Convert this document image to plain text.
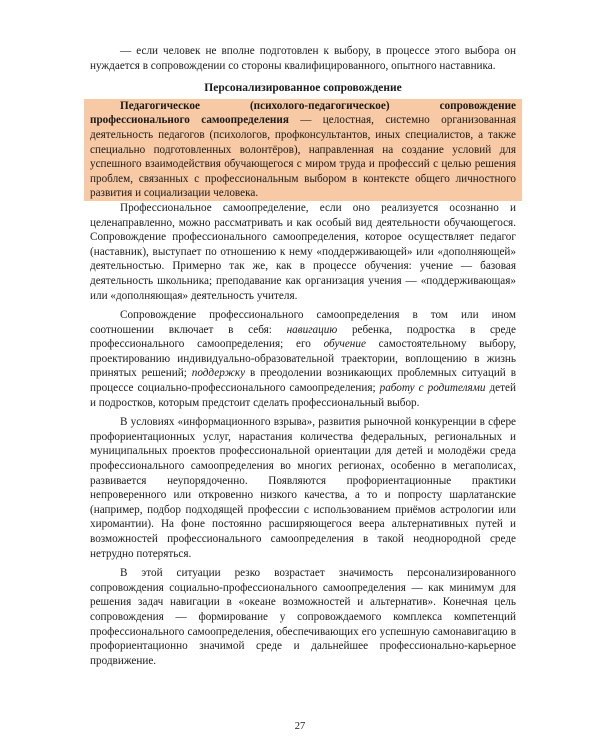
— если человек не вполне подготовлен к выбору, в процессе этого выбора он нуждается в сопровождении со стороны квалифицированного, опытного наставника.

Персонализированное сопровождение

Педагогическое (психолого-педагогическое) сопровождение профессионального самоопределения — целостная, системно организованная деятельность педагогов (психологов, профконсультантов, иных специалистов, а также специально подготовленных волонтёров), направленная на создание условий для успешного взаимодействия обучающегося с миром труда и профессий с целью решения проблем, связанных с профессиональным выбором в контексте общего личностного развития и социализации человека.

Профессиональное самоопределение, если оно реализуется осознанно и целенаправленно, можно рассматривать и как особый вид деятельности обучающегося. Сопровождение профессионального самоопределения, которое осуществляет педагог (наставник), выступает по отношению к нему «поддерживающей» или «дополняющей» деятельностью. Примерно так же, как в процессе обучения: учение — базовая деятельность школьника; преподавание как организация учения — «поддерживающая» или «дополняющая» деятельность учителя.

Сопровождение профессионального самоопределения в том или ином соотношении включает в себя: навигацию ребенка, подростка в среде профессионального самоопределения; его обучение самостоятельному выбору, проектированию индивидуально-образовательной траектории, воплощению в жизнь принятых решений; поддержку в преодолении возникающих проблемных ситуаций в процессе социально-профессионального самоопределения; работу с родителями детей и подростков, которым предстоит сделать профессиональный выбор.

В условиях «информационного взрыва», развития рыночной конкуренции в сфере профориентационных услуг, нарастания количества федеральных, региональных и муниципальных проектов профессиональной ориентации для детей и молодёжи среда профессионального самоопределения во многих регионах, особенно в мегаполисах, развивается неупорядоченно. Появляются профориентационные практики непроверенного или откровенно низкого качества, а то и попросту шарлатанские (например, подбор подходящей профессии с использованием приёмов астрологии или хиромантии). На фоне постоянно расширяющегося веера альтернативных путей и возможностей профессионального самоопределения в такой неоднородной среде нетрудно потеряться.

В этой ситуации резко возрастает значимость персонализированного сопровождения социально-профессионального самоопределения — как минимум для решения задач навигации в «океане возможностей и альтернатив». Конечная цель сопровождения — формирование у сопровождаемого комплекса компетенций профессионального самоопределения, обеспечивающих его успешную самонавигацию в профориентационно значимой среде и дальнейшее профессионально-карьерное продвижение.

27
